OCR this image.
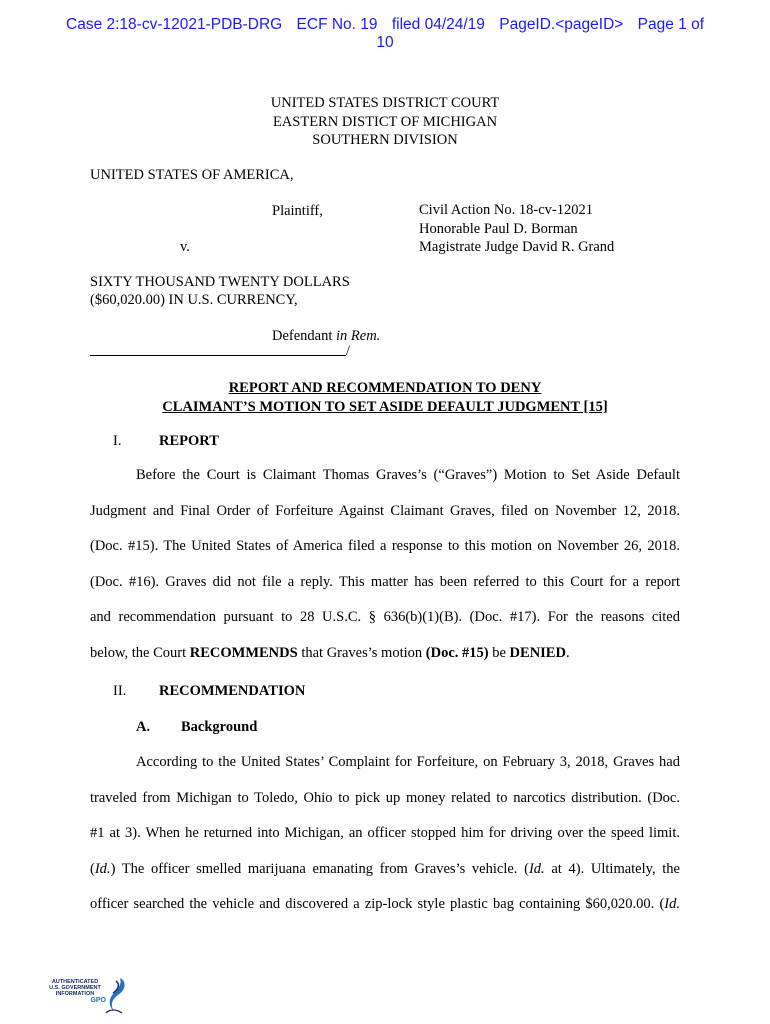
Case 2:18-cv-12021-PDB-DRG ECF No. 19 filed 04/24/19 PageID.<pageID> Page 1 of
10
UNITED STATES DISTRICT COURT
EASTERN DISTICT OF MICHIGAN
SOUTHERN DIVISION
UNITED STATES OF AMERICA,
Plaintiff,
v.
SIXTY THOUSAND TWENTY DOLLARS
($60,020.00) IN U.S. CURRENCY,
Defendant in Rem.
/
Civil Action No. 18-cv-12021
Honorable Paul D. Borman
Magistrate Judge David R. Grand
REPORT AND RECOMMENDATION TO DENY
CLAIMANT’S MOTION TO SET ASIDE DEFAULT JUDGMENT [15]
I.	REPORT
Before the Court is Claimant Thomas Graves’s (“Graves”) Motion to Set Aside Default
Judgment and Final Order of Forfeiture Against Claimant Graves, filed on November 12, 2018.
(Doc. #15). The United States of America filed a response to this motion on November 26, 2018.
(Doc. #16). Graves did not file a reply. This matter has been referred to this Court for a report
and recommendation pursuant to 28 U.S.C. § 636(b)(1)(B). (Doc. #17). For the reasons cited
below, the Court RECOMMENDS that Graves’s motion (Doc. #15) be DENIED.
II. RECOMMENDATION
A. Background
According to the United States’ Complaint for Forfeiture, on February 3, 2018, Graves had
traveled from Michigan to Toledo, Ohio to pick up money related to narcotics distribution. (Doc.
#1 at 3). When he returned into Michigan, an officer stopped him for driving over the speed limit.
(Id.) The officer smelled marijuana emanating from Graves’s vehicle. (Id. at 4). Ultimately, the
officer searched the vehicle and discovered a zip-lock style plastic bag containing $60,020.00. (Id.
AUTHENTICATED
U.S. GOVERNMENT
INFORMATION
GPO
